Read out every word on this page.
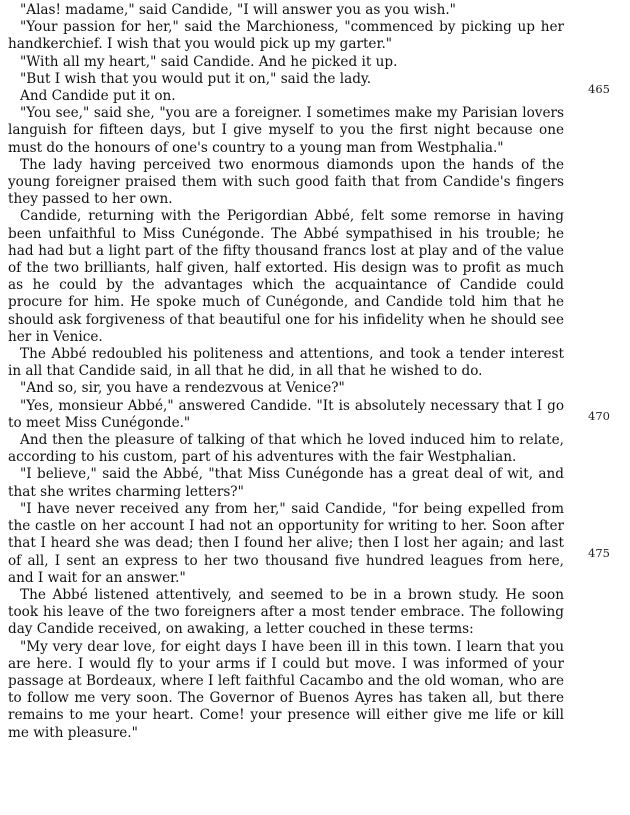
"Alas! madame," said Candide, "I will answer you as you wish."

"Your passion for her," said the Marchioness, "commenced by picking up her handkerchief. I wish that you would pick up my garter."

"With all my heart," said Candide. And he picked it up.

"But I wish that you would put it on," said the lady.

And Candide put it on.

"You see," said she, "you are a foreigner. I sometimes make my Parisian lovers languish for fifteen days, but I give myself to you the first night because one must do the honours of one's country to a young man from Westphalia."

The lady having perceived two enormous diamonds upon the hands of the young foreigner praised them with such good faith that from Candide's fingers they passed to her own.

Candide, returning with the Perigordian Abbé, felt some remorse in having been unfaithful to Miss Cunégonde. The Abbé sympathised in his trouble; he had had but a light part of the fifty thousand francs lost at play and of the value of the two brilliants, half given, half extorted. His design was to profit as much as he could by the advantages which the acquaintance of Candide could procure for him. He spoke much of Cunégonde, and Candide told him that he should ask forgiveness of that beautiful one for his infidelity when he should see her in Venice.

The Abbé redoubled his politeness and attentions, and took a tender interest in all that Candide said, in all that he did, in all that he wished to do.

"And so, sir, you have a rendezvous at Venice?"

"Yes, monsieur Abbé," answered Candide. "It is absolutely necessary that I go to meet Miss Cunégonde."

And then the pleasure of talking of that which he loved induced him to relate, according to his custom, part of his adventures with the fair Westphalian.

"I believe," said the Abbé, "that Miss Cunégonde has a great deal of wit, and that she writes charming letters?"

"I have never received any from her," said Candide, "for being expelled from the castle on her account I had not an opportunity for writing to her. Soon after that I heard she was dead; then I found her alive; then I lost her again; and last of all, I sent an express to her two thousand five hundred leagues from here, and I wait for an answer."

The Abbé listened attentively, and seemed to be in a brown study. He soon took his leave of the two foreigners after a most tender embrace. The following day Candide received, on awaking, a letter couched in these terms:

"My very dear love, for eight days I have been ill in this town. I learn that you are here. I would fly to your arms if I could but move. I was informed of your passage at Bordeaux, where I left faithful Cacambo and the old woman, who are to follow me very soon. The Governor of Buenos Ayres has taken all, but there remains to me your heart. Come! your presence will either give me life or kill me with pleasure."

465
470
475
